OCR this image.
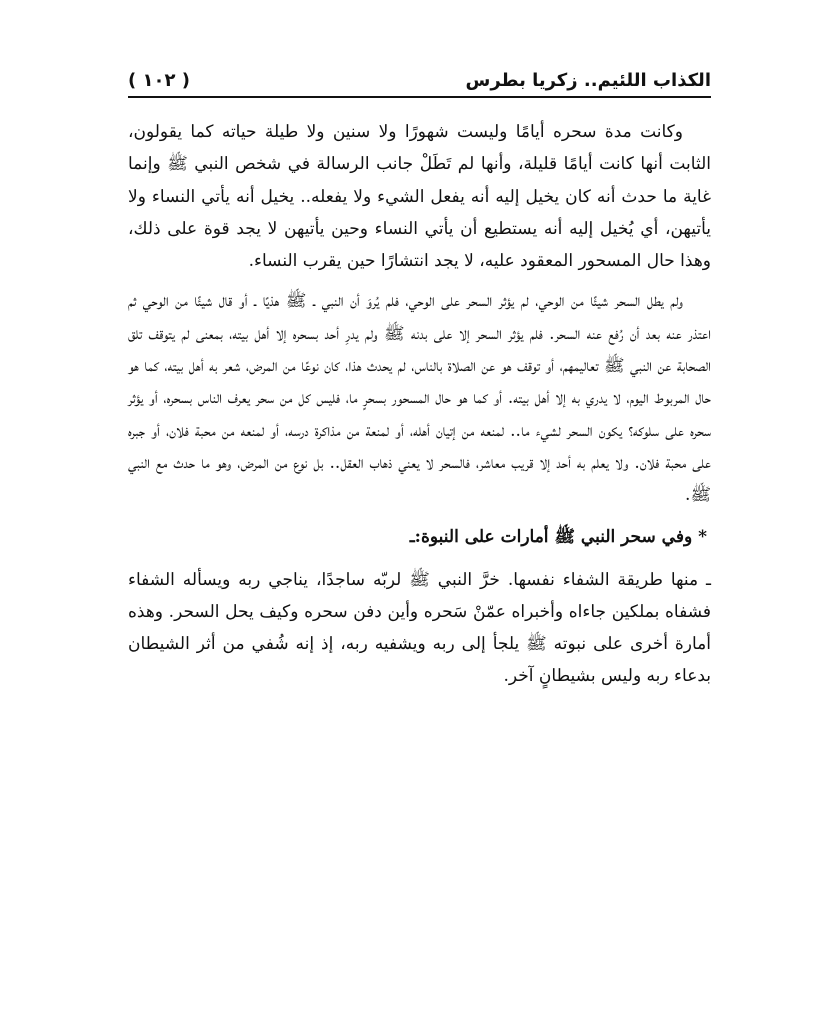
الكذاب اللئيم.. زكريا بطرس
( ١٠٢ )

وكانت مدة سحره أيامًا وليست شهورًا ولا سنين ولا طيلة حياته كما يقولون، الثابت أنها كانت أيامًا قليلة، وأنها لم تَطَلْ جانب الرسالة في شخص النبي ﷺ وإنما غاية ما حدث أنه كان يخيل إليه أنه يفعل الشيء ولا يفعله.. يخيل أنه يأتي النساء ولا يأتيهن، أي يُخيل إليه أنه يستطيع أن يأتي النساء وحين يأتيهن لا يجد قوة على ذلك، وهذا حال المسحور المعقود عليه، لا يجد انتشارًا حين يقرب النساء.

ولم يطل السحر شيئًا من الوحي، لم يؤثر السحر على الوحي، فلم يُروَ أن النبي ـ ﷺ هذيًا ـ أو قال شيئًا من الوحي ثم اعتذر عنه بعد أن رُفع عنه السحر. فلم يؤثر السحر إلا على بدنه ﷺ ولم يدرِ أحد بسحره إلا أهل بيته، بمعنى لم يتوقف تلق الصحابة عن النبي ﷺ تعاليمهم، أو توقف هو عن الصلاة بالناس، لم يحدث هذا، كان نوعًا من المرض، شعر به أهل بيته، كما هو حال المربوط اليوم، لا يدري به إلا أهل بيته. أو كما هو حال المسحور بسحرٍ ما، فليس كل من سحر يعرف الناس بسحره، أو يؤثر سحره على سلوكه؟ يكون السحر لشيء ما.. لمنعه من إتيان أهله، أو لمنعة من مذاكرة درسه، أو لمنعه من محبة فلان، أو جبره على محبة فلان. ولا يعلم به أحد إلا قريب معاشر، فالسحر لا يعني ذهاب العقل.. بل نوع من المرض، وهو ما حدث مع النبي ﷺ.

* وفي سحر النبي ﷺ أمارات على النبوة:ـ

ـ منها طريقة الشفاء نفسها. خرَّ النبي ﷺ لربّه ساجدًا، يناجي ربه ويسأله الشفاء فشفاه بملكين جاءاه وأخبراه عمّنْ سَحره وأين دفن سحره وكيف يحل السحر. وهذه أمارة أخرى على نبوته ﷺ يلجأ إلى ربه ويشفيه ربه، إذ إنه شُفي من أثر الشيطان بدعاء ربه وليس بشيطانٍ آخر.
